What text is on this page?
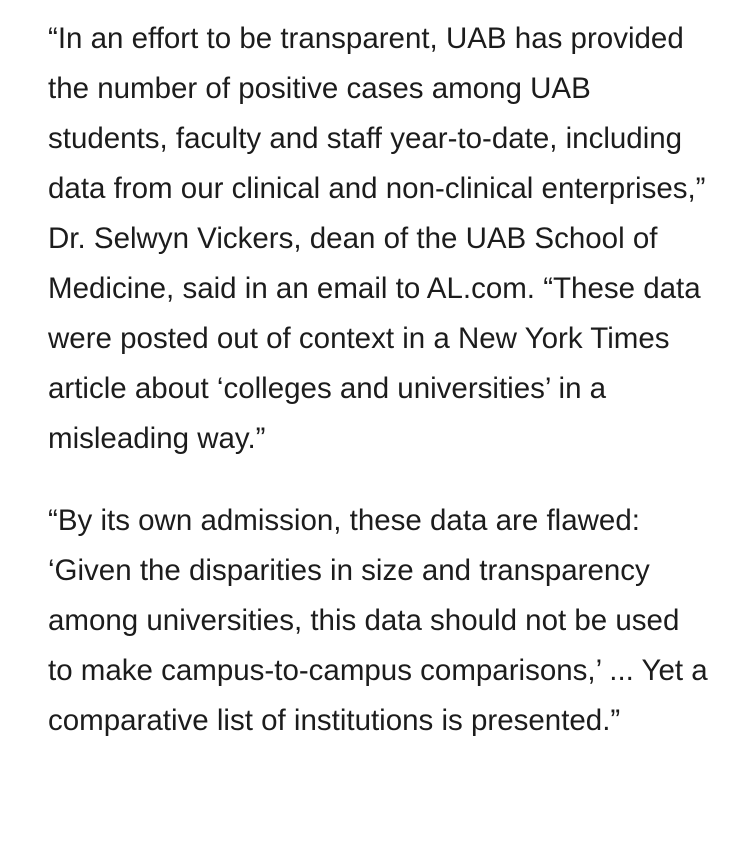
“In an effort to be transparent, UAB has provided the number of positive cases among UAB students, faculty and staff year-to-date, including data from our clinical and non-clinical enterprises,” Dr. Selwyn Vickers, dean of the UAB School of Medicine, said in an email to AL.com. “These data were posted out of context in a New York Times article about ‘colleges and universities’ in a misleading way.”

“By its own admission, these data are flawed: ‘Given the disparities in size and transparency among universities, this data should not be used to make campus-to-campus comparisons,’ ... Yet a comparative list of institutions is presented.”
